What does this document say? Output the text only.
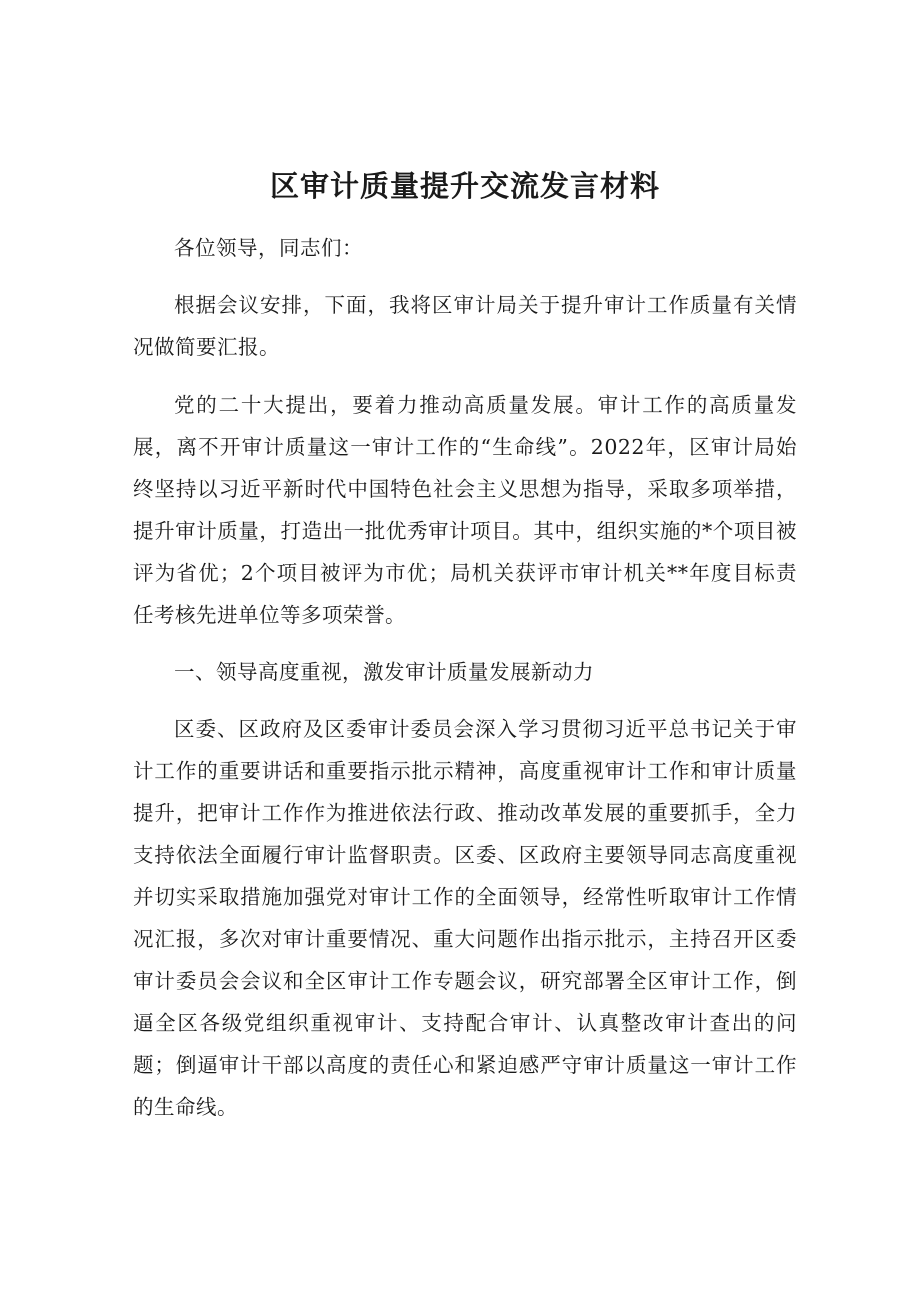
区审计质量提升交流发言材料

各位领导，同志们：

根据会议安排，下面，我将区审计局关于提升审计工作质量有关情况做简要汇报。

党的二十大提出，要着力推动高质量发展。审计工作的高质量发展，离不开审计质量这一审计工作的“生命线”。2022年，区审计局始终坚持以习近平新时代中国特色社会主义思想为指导，采取多项举措，提升审计质量，打造出一批优秀审计项目。其中，组织实施的*个项目被评为省优；2个项目被评为市优；局机关获评市审计机关**年度目标责任考核先进单位等多项荣誉。

一、领导高度重视，激发审计质量发展新动力

区委、区政府及区委审计委员会深入学习贯彻习近平总书记关于审计工作的重要讲话和重要指示批示精神，高度重视审计工作和审计质量提升，把审计工作作为推进依法行政、推动改革发展的重要抓手，全力支持依法全面履行审计监督职责。区委、区政府主要领导同志高度重视并切实采取措施加强党对审计工作的全面领导，经常性听取审计工作情况汇报，多次对审计重要情况、重大问题作出指示批示，主持召开区委审计委员会会议和全区审计工作专题会议，研究部署全区审计工作，倒逼全区各级党组织重视审计、支持配合审计、认真整改审计查出的问题；倒逼审计干部以高度的责任心和紧迫感严守审计质量这一审计工作的生命线。
